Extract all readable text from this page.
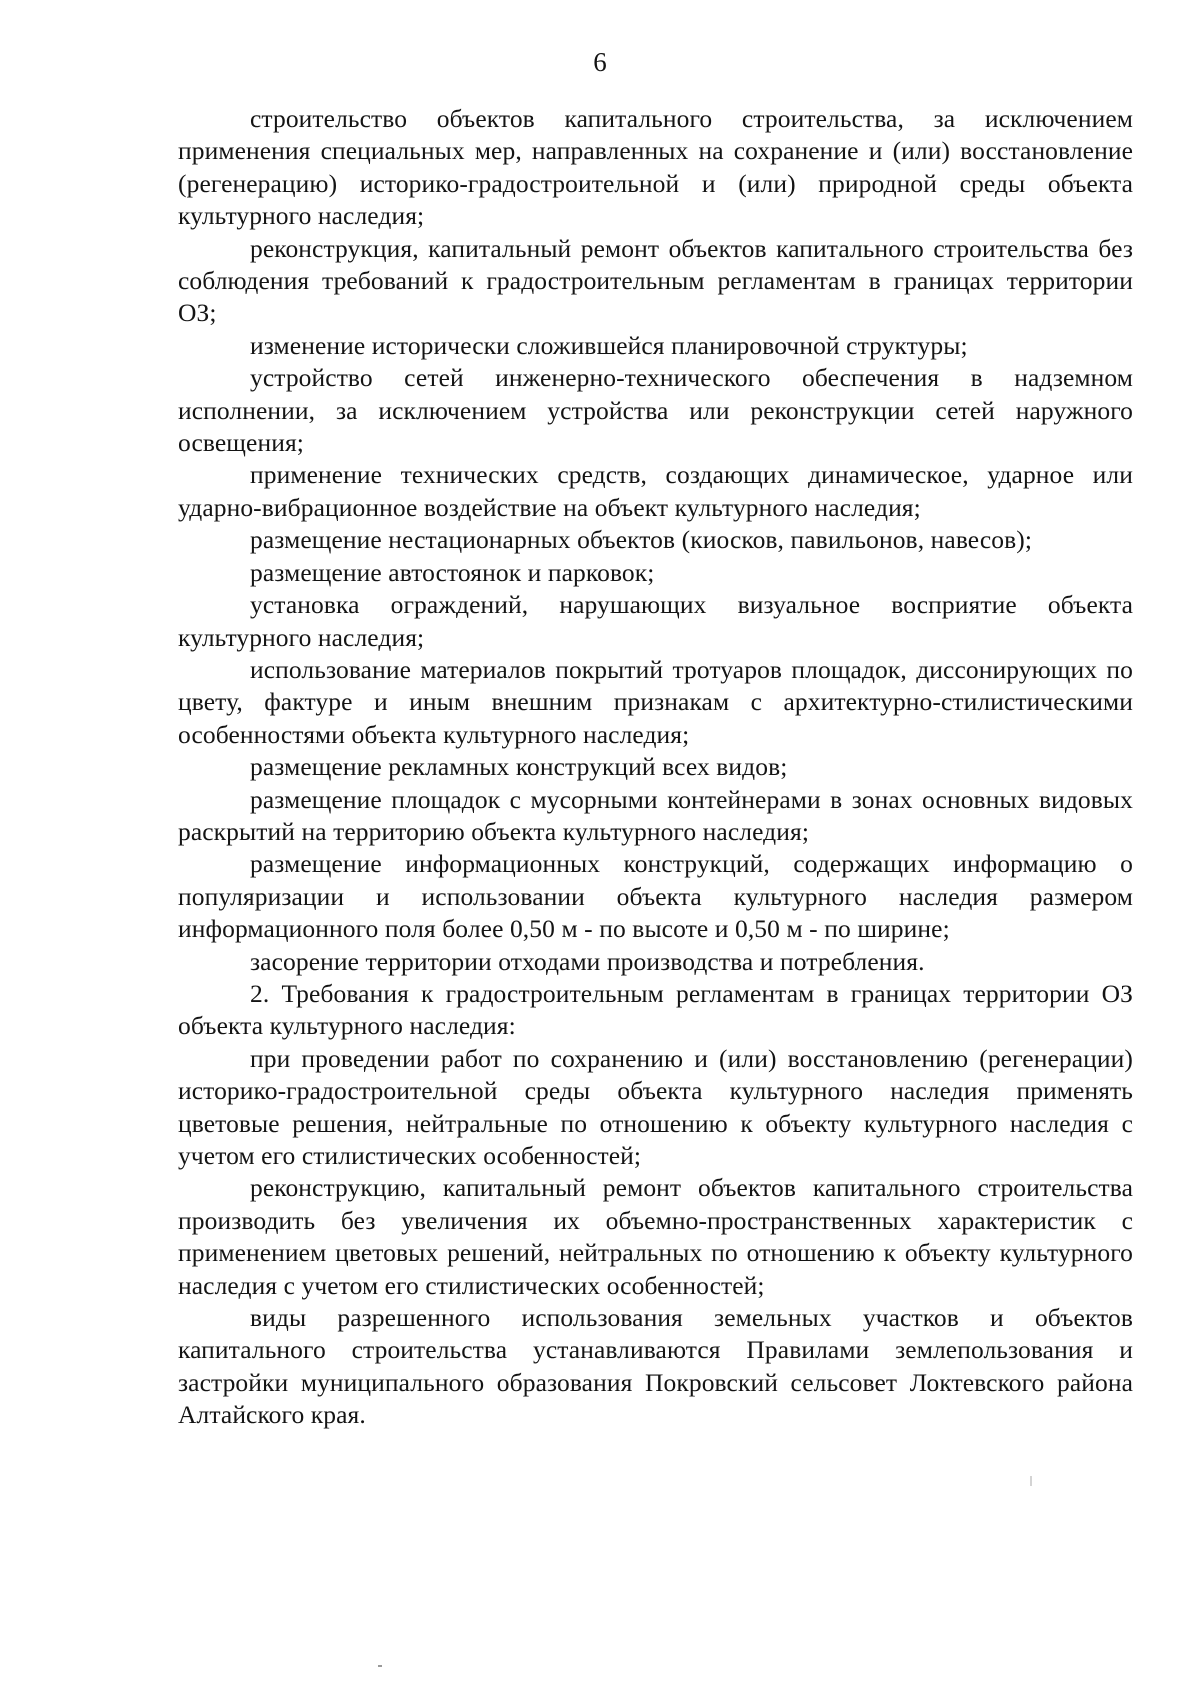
6

строительство объектов капитального строительства, за исключением применения специальных мер, направленных на сохранение и (или) восстановление (регенерацию) историко-градостроительной и (или) природной среды объекта культурного наследия;

реконструкция, капитальный ремонт объектов капитального строительства без соблюдения требований к градостроительным регламентам в границах территории ОЗ;

изменение исторически сложившейся планировочной структуры;

устройство сетей инженерно-технического обеспечения в надземном исполнении, за исключением устройства или реконструкции сетей наружного освещения;

применение технических средств, создающих динамическое, ударное или ударно-вибрационное воздействие на объект культурного наследия;

размещение нестационарных объектов (киосков, павильонов, навесов);

размещение автостоянок и парковок;

установка ограждений, нарушающих визуальное восприятие объекта культурного наследия;

использование материалов покрытий тротуаров площадок, диссонирующих по цвету, фактуре и иным внешним признакам с архитектурно-стилистическими особенностями объекта культурного наследия;

размещение рекламных конструкций всех видов;

размещение площадок с мусорными контейнерами в зонах основных видовых раскрытий на территорию объекта культурного наследия;

размещение информационных конструкций, содержащих информацию о популяризации и использовании объекта культурного наследия размером информационного поля более 0,50 м - по высоте и 0,50 м - по ширине;

засорение территории отходами производства и потребления.

2. Требования к градостроительным регламентам в границах территории ОЗ объекта культурного наследия:

при проведении работ по сохранению и (или) восстановлению (регенерации) историко-градостроительной среды объекта культурного наследия применять цветовые решения, нейтральные по отношению к объекту культурного наследия с учетом его стилистических особенностей;

реконструкцию, капитальный ремонт объектов капитального строительства производить без увеличения их объемно-пространственных характеристик с применением цветовых решений, нейтральных по отношению к объекту культурного наследия с учетом его стилистических особенностей;

виды разрешенного использования земельных участков и объектов капитального строительства устанавливаются Правилами землепользования и застройки муниципального образования Покровский сельсовет Локтевского района Алтайского края.
